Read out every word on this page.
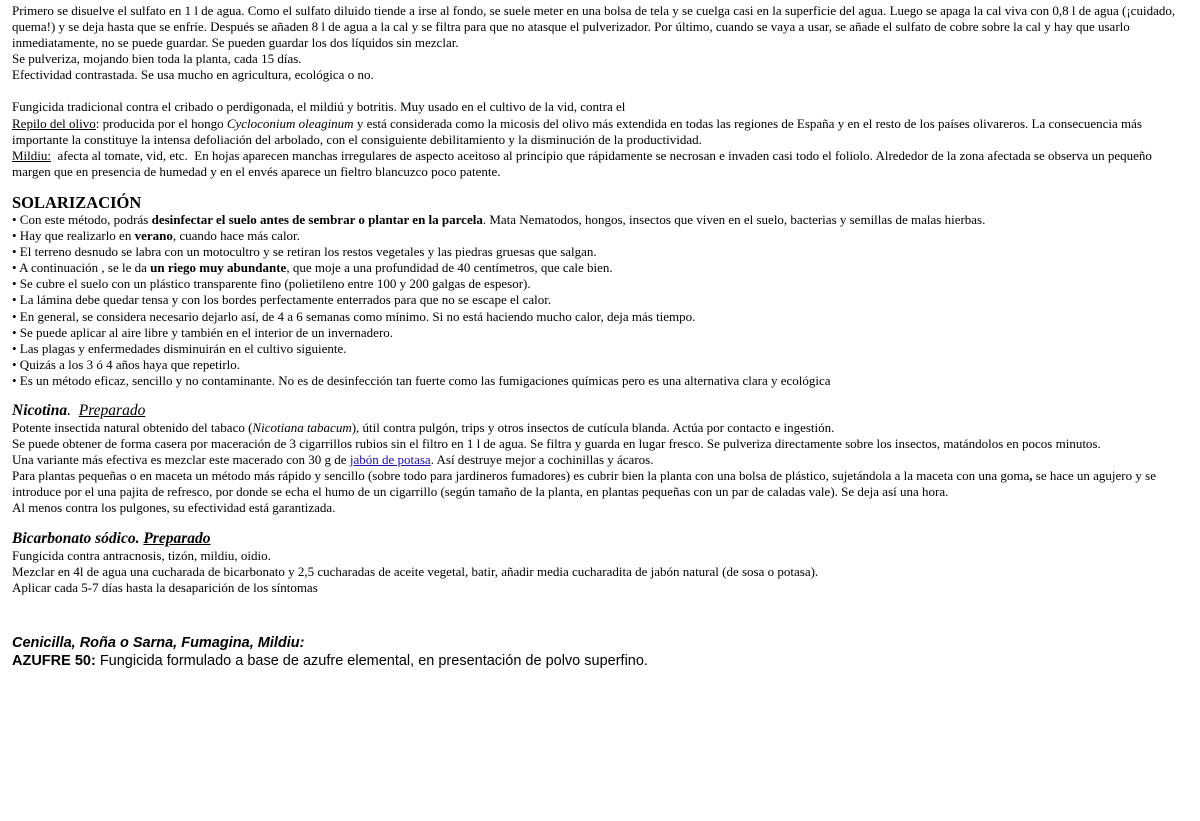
Primero se disuelve el sulfato en 1 l de agua. Como el sulfato diluido tiende a irse al fondo, se suele meter en una bolsa de tela y se cuelga casi en la superficie del agua. Luego se apaga la cal viva con 0,8 l de agua (¡cuidado, quema!) y se deja hasta que se enfríe. Después se añaden 8 l de agua a la cal y se filtra para que no atasque el pulverizador. Por último, cuando se vaya a usar, se añade el sulfato de cobre sobre la cal y hay que usarlo inmediatamente, no se puede guardar. Se pueden guardar los dos líquidos sin mezclar.

Se pulveriza, mojando bien toda la planta, cada 15 días.

Efectividad contrastada. Se usa mucho en agricultura, ecológica o no.

Fungicida tradicional contra el cribado o perdigonada, el mildiú y botritis. Muy usado en el cultivo de la vid, contra el

Repilo del olivo: producida por el hongo Cycloconium oleaginum y está considerada como la micosis del olivo más extendida en todas las regiones de España y en el resto de los países olivareros. La consecuencia más importante la constituye la intensa defoliación del arbolado, con el consiguiente debilitamiento y la disminución de la productividad.

Mildiu:  afecta al tomate, vid, etc.  En hojas aparecen manchas irregulares de aspecto aceitoso al principio que rápidamente se necrosan e invaden casi todo el foliolo. Alrededor de la zona afectada se observa un pequeño margen que en presencia de humedad y en el envés aparece un fieltro blancuzco poco patente.

SOLARIZACIÓN

• Con este método, podrás desinfectar el suelo antes de sembrar o plantar en la parcela. Mata Nematodos, hongos, insectos que viven en el suelo, bacterias y semillas de malas hierbas.

• Hay que realizarlo en verano, cuando hace más calor.

• El terreno desnudo se labra con un motocultro y se retiran los restos vegetales y las piedras gruesas que salgan.

• A continuación , se le da un riego muy abundante, que moje a una profundidad de 40 centímetros, que cale bien.

• Se cubre el suelo con un plástico transparente fino (polietileno entre 100 y 200 galgas de espesor).

• La lámina debe quedar tensa y con los bordes perfectamente enterrados para que no se escape el calor.

• En general, se considera necesario dejarlo así, de 4 a 6 semanas como mínimo. Si no está haciendo mucho calor, deja más tiempo.

• Se puede aplicar al aire libre y también en el interior de un invernadero.

• Las plagas y enfermedades disminuirán en el cultivo siguiente.

• Quizás a los 3 ó 4 años haya que repetirlo.

• Es un método eficaz, sencillo y no contaminante. No es de desinfección tan fuerte como las fumigaciones químicas pero es una alternativa clara y ecológica

Nicotina.  Preparado

Potente insectida natural obtenido del tabaco (Nicotiana tabacum), útil contra pulgón, trips y otros insectos de cutícula blanda. Actúa por contacto e ingestión.

Se puede obtener de forma casera por maceración de 3 cigarrillos rubios sin el filtro en 1 l de agua. Se filtra y guarda en lugar fresco. Se pulveriza directamente sobre los insectos, matándolos en pocos minutos.

Una variante más efectiva es mezclar este macerado con 30 g de jabón de potasa. Así destruye mejor a cochinillas y ácaros.

Para plantas pequeñas o en maceta un método más rápido y sencillo (sobre todo para jardineros fumadores) es cubrir bien la planta con una bolsa de plástico, sujetándola a la maceta con una goma, se hace un agujero y se introduce por el una pajita de refresco, por donde se echa el humo de un cigarrillo (según tamaño de la planta, en plantas pequeñas con un par de caladas vale). Se deja así una hora.

Al menos contra los pulgones, su efectividad está garantizada.

Bicarbonato sódico. Preparado

Fungicida contra antracnosis, tizón, mildiu, oidio.

Mezclar en 4l de agua una cucharada de bicarbonato y 2,5 cucharadas de aceite vegetal, batir, añadir media cucharadita de jabón natural (de sosa o potasa).

Aplicar cada 5-7 días hasta la desaparición de los síntomas

Cenicilla, Roña o Sarna, Fumagina, Mildiu:

AZUFRE 50: Fungicida formulado a base de azufre elemental, en presentación de polvo superfino.
